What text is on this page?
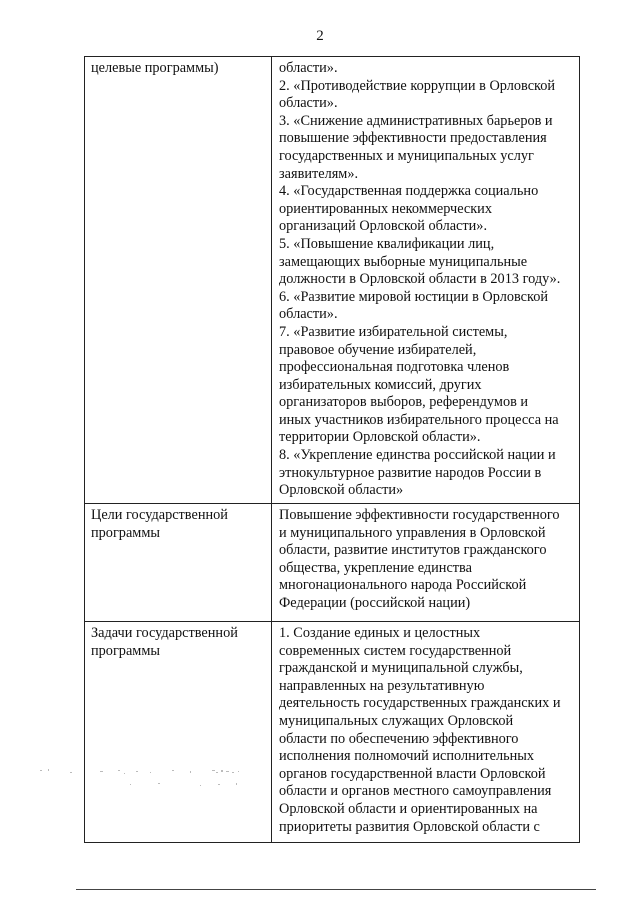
2
целевые программы)	области».
2. «Противодействие коррупции в Орловской
области».
3. «Снижение административных барьеров и
повышение эффективности предоставления
государственных и муниципальных услуг
заявителям».
4. «Государственная поддержка социально
ориентированных некоммерческих
организаций Орловской области».
5. «Повышение квалификации лиц,
замещающих выборные муниципальные
должности в Орловской области в 2013 году».
6. «Развитие мировой юстиции в Орловской
области».
7. «Развитие избирательной системы,
правовое обучение избирателей,
профессиональная подготовка членов
избирательных комиссий, других
организаторов выборов, референдумов и
иных участников избирательного процесса на
территории Орловской области».
8. «Укрепление единства российской нации и
этнокультурное развитие народов России в
Орловской области»
Цели государственной
программы
Повышение эффективности государственного
и муниципального управления в Орловской
области, развитие институтов гражданского
общества, укрепление единства
многонационального народа Российской
Федерации (российской нации)
Задачи государственной
программы
1. Создание единых и целостных
современных систем государственной
гражданской и муниципальной службы,
направленных на результативную
деятельность государственных гражданских и
муниципальных служащих Орловской
области по обеспечению эффективного
исполнения полномочий исполнительных
органов государственной власти Орловской
области и органов местного самоуправления
Орловской области и ориентированных на
приоритеты развития Орловской области с
